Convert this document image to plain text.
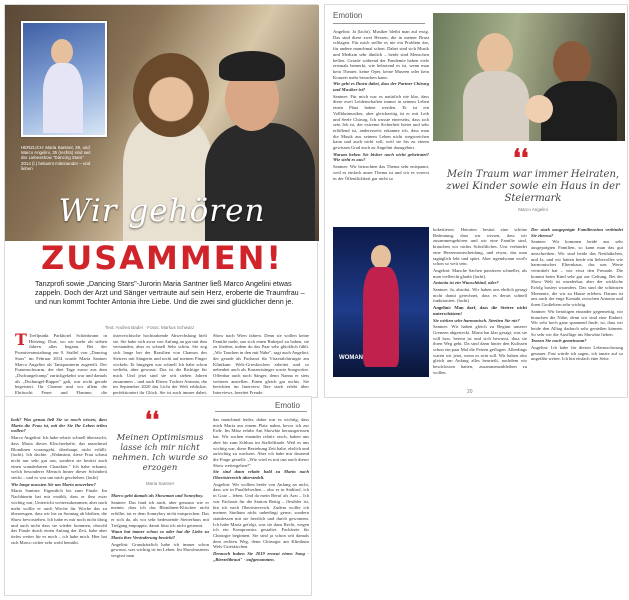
HERZLICH: Maria Santner, 39, und Marco Angelini, 35 (rechts) sind seit der Liebesshow "Dancing Stars" 2014 (l.) bekannt miteinander – und lieben
Wir gehören
ZUSAMMEN!
Tanzprofi sowie „Dancing Stars"-Jurorin Maria Santner ließ Marco Angelini etwas zappeln. Doch der Arzt und Sänger vertraute auf sein Herz, eroberte die Traumfrau – und nun kommt Tochter Antonia ihre Liebe. Und die zwei sind glücklicher denn je.
Text: Andrea Bader · Fotos: Markus Schwarz

T Treffpunkt Parkhotel Schönbrunn in Hietzing. Dort, wo wir mehr als sieben Jahren alles begann. Bei der Promiveranstaltung zur 9. Staffel von „Dancing Stars" im Februar 2014 wurde Maria Santner Marco Angelini als Tanzpartnerin zugeteilt. Der Frauenschwarm, der drei Tage zuvor aus dem „Dschungelcamp" zurückgekehrt war und damals als „Dschungel-Rapper" galt, war nicht gerade begeistert. Ihr Charme und vor allem die Ehrfurcht Feuer und Flamme, die

österreichische hochtrabende Abwechslung hielt sie. Sie habe sich zwar von Anfang an gut mit ihm verstanden, aber es schnell Sehr schön. Sie zog sich lange bei der Brasilien von Chamos des Steirers mit Sängerin und nicht auf meinen Finger wickeln. Er hingegen war schnell Ich habe schon verliebt, aber gewusst: Das ist die Richtige für mich. Und jetzt sind sie seit sieben Jahren zusammen – und auch Eltern: Tochter Antonia, die im September 2020 das Licht der Welt erblickte, perfektioniert ihr Glück. Sie ist auch immer dabei,

Show nach Wien fahren. Denn sie wollen keine Familie mehr, um sich einen Ruhepol zu haben, sie zu fördern, indem du das Paar sehr glücklich fühlt. „Wir Tauchen in den mit Nähe", sagt auch Angelini, der gerade als Facharzt für Viszeralchirurgie am Klinikum Wels-Grieskirchen arbeitet und so nebenbei auch als Konzertsänger sowie Songwriter. Offenbar auch noch Sänger, denn Nanna er stets weiteres anstellen. Einen gleich gar nichts. Sie berichten im Interview Ihre stark erlebt über Interviews, bereitet Freude.

Emotion

Angelini: Ja (lacht). Musiker bleibt man auf ewig. Das sind diese zwei Herzen, die in meiner Brust schlagen. Für mich stellte es nie ein Problem dar, für andere manchmal schon. Dabei sind sich Musik und Medizin sehr ähnlich – beide sind Menschen helfen. Gerade während der Pandemie haben viele erstmals bemerkt, wie belastend es ist, wenn man kein Theater, keine Oper, keine Museen oder kein Konzert mehr besuchen kann.

Wie geht es Ihnen dabei, dass der Partner Chirurg und Musiker ist?

Santner: Für mich war es natürlich nie klar, dass diese zwei Leidenschaften immer in seinem Leben einen Platz haben werden. Er ist ein Vollblutmusiker, aber gleichzeitig ist er mit Leib und Seele Chirurg. Ich wusste einerseits, dass sich sein Job ist, der extreme Sicherheit bietet und sehr erfüllend ist, andererseits erkannte ich, dass man die Musik aus seinem Leben nicht wegstreichen kann und auch nicht soll, weil sie bis zu einem gewissen Grad auch zu Angelini dazugehört.

Warum heben Sie bisher noch nicht geheiratet? Wie sieht es aus?

Santner: Wir betrachten das Thema sehr entspannt, weil es einfach unser Thema ist und wir es vorerst in der Öffentlichkeit gar nicht so

❛❛
Mein Traum war immer Heiraten, zwei Kinder sowie ein Haus in der Steiermark
Marco Angelini
WOMAN

kokettieren. Heiraten besitzt eine schöne Bedeutung, dass wir wissen, dass wir zusammengehören und wir eine Familie sind, brauchen wir nichts Schriftliches. Uns verbindet eine Herzensentscheidung, und etwas, das man tagtäglich lebt und spürt. Aber irgendwann wird's schon so weit sein.

Angelini: Manche Sachen passieren schneller, als man vielleicht glaubt (lacht).

Antonia ist ein Wunschkind, oder?

Santner: Ja, absolut. Wir haben uns ehrlich gesagt nicht damit gerechnet, dass es derart schnell funktioniert. (lacht)

Angelini: Man darf, dass die Steirer nicht unterschätzen!

Sie wirken sehr harmonisch. Streiten Sie nie?

Santner: Wir haben gleich zu Beginn unserer Grenzen abgesteckt. Maria hat klar gesagt, was sie will bzw. bereut ist und sich bewusst, dass sie ihren Weg geht. Da sind dann hinter den Kulissen schon ein paar Mal die Fetzen geflogen. Allerdings waren wir jetzt, wenn es sein soll. Wir haben also gleich am Anfang alles beurteilt, nachdem wir beschlossen hatten, zusammenzubleiben zu wollen.

Der stark ausgeprägte Familiensinn verbindet Sie ebenso?

Santner: Wir kommen beide aus sehr ausgeprägten Familien, so kann man das gut umschreiben. Wir sind beide das Nesthäkchen, und Ja, und wir hatten beide ein liebevolles wie harmonisches Elternhaus, das uns Werte vermittelt hat – wie etwa den Freunde. Die kommt beim Kind sehr gut zur Geltung. Bei der Show Welt ist wunderbar, aber der wirkliche Erfolg basiert woanders. Das sind die schönsten Momente, die wir zu Hause erleben. Darum ist uns auch der enge Kontakt zwischen Antonia und ihren Großeltern sehr wichtig.

Santner: Wir benötigen einander gegenseitig, wir brauchen die Nähe, denn wir sind eine Einheit. Wir sehr hoch ganz spannend finde, ist, dass wir beide den Alltag dadurch sehr genießen können. So sehr wir die Ausflüge ins Showbiz lieben.

Teasen Sie noch gemeinsam?

Angelini: Ich habe für diesen Lebensschwung genauer. Fast würde ich sagen, ich tanzte auf so ungefähr weiter. Ich bin einfach eine Seite.

20
Emotio

look? Was genau ließ Sie so rasch wissen, dass Maria die Frau ist, mit der Sie Ihr Leben teilen wollen?

Marco Angelini: Ich habe relativ schnell überrascht, dass Maria dieses Klischeehafte, das manchmal Blondinen vorausgeht, überhaupt nicht erfüllt. (lacht). Ich dachte: „Wahnsinn, diese Frau schaut nicht nur sehr gut aus, sondern sie besitzt auch einen wunderbaren Charakter." Ich habe erkannt, welch besonderer Mensch hinter dieser Schönheit steckt – und es war um mich geschehen. (lacht)

Wie lange mussten Sie um Maria anwerben?

Maria Santner: Eigentlich bis zum Finale. Im Nachhinein hat mir erzählt, dass er ihm zwar wichtig war, Unterricht weiterzukommen, aber nach mehr wollte er auch Woche für Woche das zu überzeugen, dass wir bis zu Sonntag ab bleiben, die Show bevorstehen. Ich habe es mir noch nicht übrig und auch nicht dass sie wieder kommen, obwohl das Finale durch einen Anfang der Zeit, habe aber tiefes weiter für es mich – ich habe mich. Hier hat sich Marco sicher sehr wohl bemüht.

❛❛
Meinen Optimismus lasse ich mir nicht nehmen. Ich wurde so erzogen
Maria Santner

Marco geht damals als Showman und Sonnyboy.

Santner: Das fand ich auch, aber genauso wie er meinte, dass ich das Blondinen-Klischee nicht erfüllte, tat er dem Sonnyboy nicht entsprechen. Das er sich da, als wir sehr bedeutende Steirerhaus mit Tiefgang entpuppte, damit lässt ich nicht getrennt.

Wann hat immer schon so oder hat die Liebe zu Maria ihre Veränderung bewirkt?

Angelini: Grundsätzlich habe ich immer schon gewusst, was wichtig ist im Leben. Im Showbusiness vergisst man

das manchmal leider, daher war es wichtig, dass mich Maria aus einem Platz nahm, bevor ich zur Erde. Im März erfuhr Am Showbiz herausgerissen hat. Wir suchen einander relativ rasch, haben uns aber bis zum Schluss im Staffelfinale. Weil es uns wichtig war, diese Beziehung Zeit halte, ehrlich und aufrichtig zu wachsen. Aber ich habe mir dauernd die Frage gestellt: „Wie wird es mit uns nach dieser Show weitergehen?"

Sie sind dann relativ bald zu Maria nach Oberösterreich übersiedelt.

Angelini: Wir wollten beide von Anfang an nicht, dass wir in Parallelwelten – also er in Südtirol, ich in Graz – leben. Und da mein Beruf als Arzt – Ich war Facharzt für die Station Bettig – flexibler ist, bin ich nach Oberösterreich. Zudem wollte ich meinen Studium nicht unbedingt gerne, sondern stattdessen mit sie herzlich und durch gewonnen. Ich habe Maria gefolgt, was sie dazu Recht, wegen ich ein Kompromiss gestaltet. Fachärzte für Chirurgie beginnen. Sie sind ja schon seit damals dem rechten Weg, denn Chirurgie am Klinikum Wels-Grieskirchen.

Dennoch haben Sie 2019 erneut einen Song - „Bierzeltbraut" - aufgenommen.
